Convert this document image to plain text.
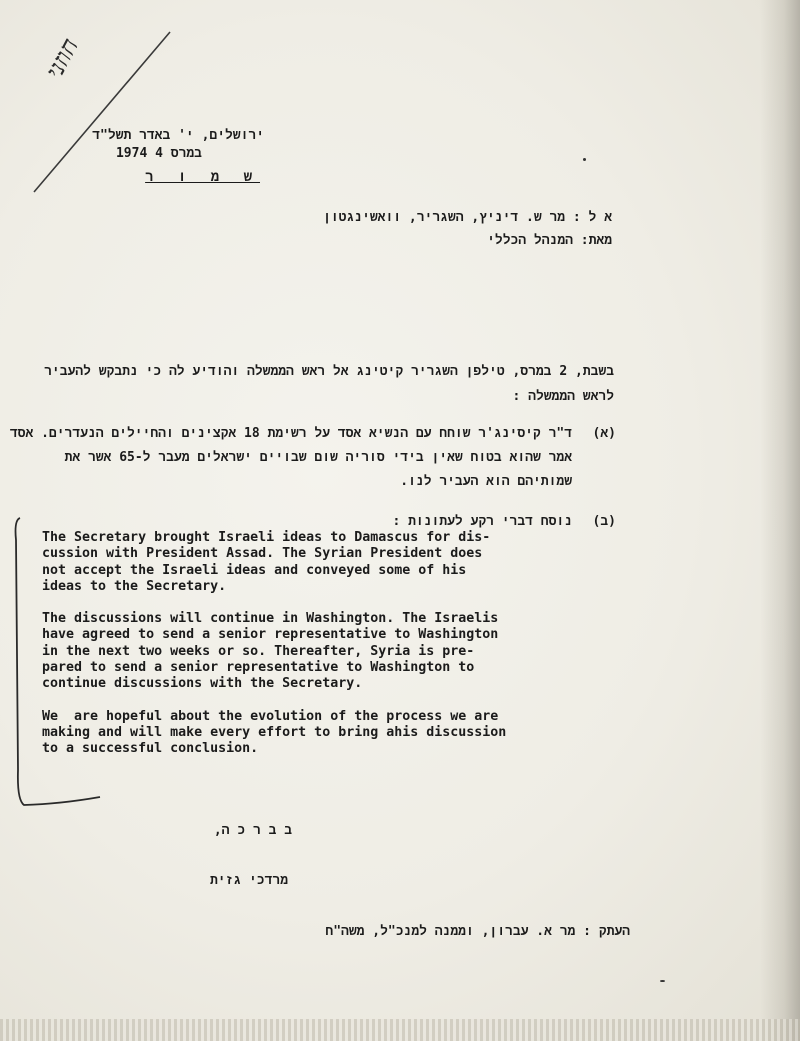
חוזני
ירושלים, י' באדר תשל"ד
1974 4 במרס
ש מ ו ר
א ל : מר ש. דיניץ, השגריר, וואשינגטון
מאת: המנהל הכללי
בשבת, 2 במרס, טילפן השגריר קיטינג אל ראש הממשלה והודיע לה כי נתבקש להעביר
לראש הממשלה :
(א)
ד"ר קיסינג'ר שוחח עם הנשיא אסד על רשימת 18 אקצינים והחיילים הנעדרים. אסד
אמר שהוא בטוח שאין בידי סוריה שום שבויים ישראלים מעבר ל-65 אשר את
שמותיהם הוא העביר לנו.
(ב)
נוסח דברי רקע לעתונות :

The Secretary brought Israeli ideas to Damascus for dis-
cussion with President Assad. The Syrian President does
not accept the Israeli ideas and conveyed some of his
ideas to the Secretary.

The discussions will continue in Washington. The Israelis
have agreed to send a senior representative to Washington
in the next two weeks or so. Thereafter, Syria is pre-
pared to send a senior representative to Washington to
continue discussions with the Secretary.

We  are hopeful about the evolution of the process we are
making and will make every effort to bring ahis discussion
to a successful conclusion.

ב ב ר כ ה,
מרדכי גזית
העתק : מר א. עברון, וממנה למנכ"ל, משה"ח
